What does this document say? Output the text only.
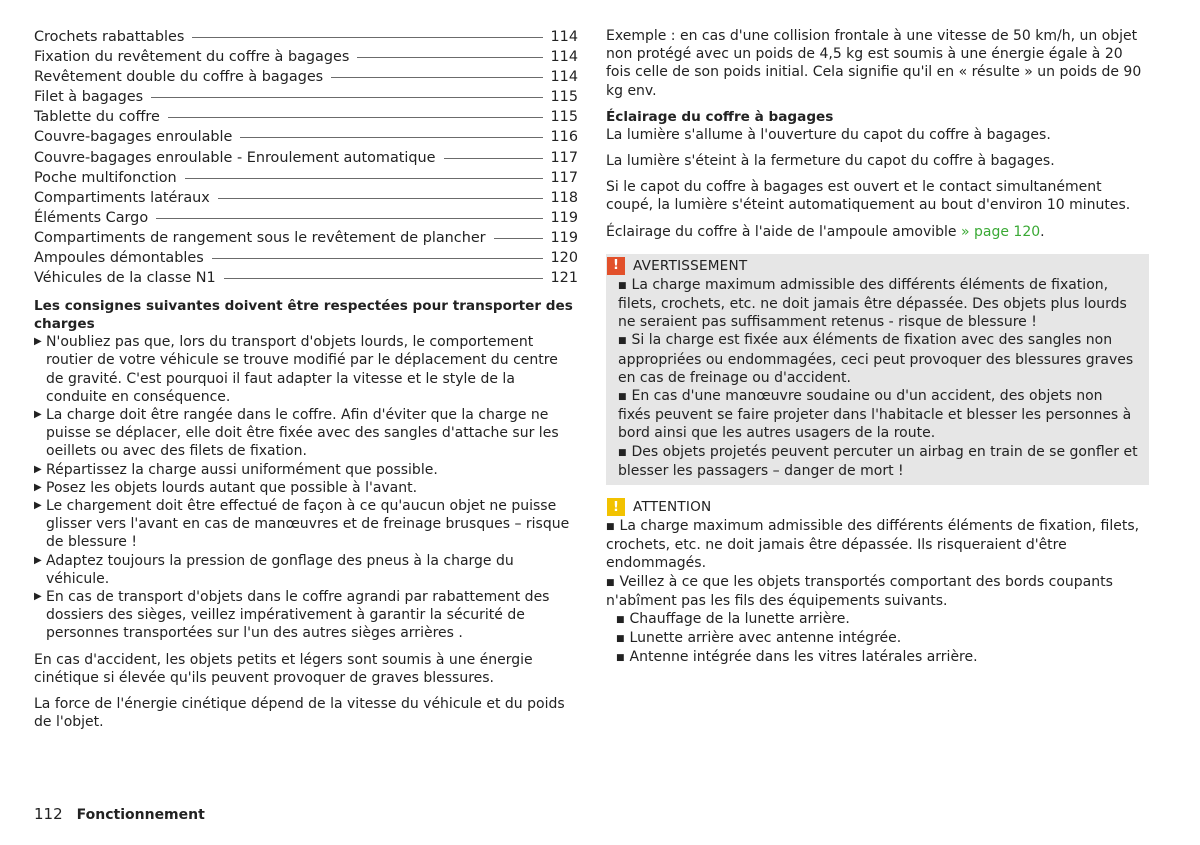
Crochets rabattables	114
Fixation du revêtement du coffre à bagages	114
Revêtement double du coffre à bagages	114
Filet à bagages	115
Tablette du coffre	115
Couvre-bagages enroulable	116
Couvre-bagages enroulable - Enroulement automatique	117
Poche multifonction	117
Compartiments latéraux	118
Éléments Cargo	119
Compartiments de rangement sous le revêtement de plancher	119
Ampoules démontables	120
Véhicules de la classe N1	121
Les consignes suivantes doivent être respectées pour transporter des charges
▶ N'oubliez pas que, lors du transport d'objets lourds, le comportement routier de votre véhicule se trouve modifié par le déplacement du centre de gravité. C'est pourquoi il faut adapter la vitesse et le style de la conduite en conséquence.
▶ La charge doit être rangée dans le coffre. Afin d'éviter que la charge ne puisse se déplacer, elle doit être fixée avec des sangles d'attache sur les oeillets ou avec des filets de fixation.
▶ Répartissez la charge aussi uniformément que possible.
▶ Posez les objets lourds autant que possible à l'avant.
▶ Le chargement doit être effectué de façon à ce qu'aucun objet ne puisse glisser vers l'avant en cas de manœuvres et de freinage brusques – risque de blessure !
▶ Adaptez toujours la pression de gonflage des pneus à la charge du véhicule.
▶ En cas de transport d'objets dans le coffre agrandi par rabattement des dossiers des sièges, veillez impérativement à garantir la sécurité de personnes transportées sur l'un des autres sièges arrières .

En cas d'accident, les objets petits et légers sont soumis à une énergie cinétique si élevée qu'ils peuvent provoquer de graves blessures.

La force de l'énergie cinétique dépend de la vitesse du véhicule et du poids de l'objet.

Exemple : en cas d'une collision frontale à une vitesse de 50 km/h, un objet non protégé avec un poids de 4,5 kg est soumis à une énergie égale à 20 fois celle de son poids initial. Cela signifie qu'il en « résulte » un poids de 90 kg env.

Éclairage du coffre à bagages

La lumière s'allume à l'ouverture du capot du coffre à bagages.

La lumière s'éteint à la fermeture du capot du coffre à bagages.

Si le capot du coffre à bagages est ouvert et le contact simultanément coupé, la lumière s'éteint automatiquement au bout d'environ 10 minutes.

Éclairage du coffre à l'aide de l'ampoule amovible » page 120.

!	AVERTISSEMENT
■ La charge maximum admissible des différents éléments de fixation, filets, crochets, etc. ne doit jamais être dépassée. Des objets plus lourds ne seraient pas suffisamment retenus - risque de blessure !
■ Si la charge est fixée aux éléments de fixation avec des sangles non appropriées ou endommagées, ceci peut provoquer des blessures graves en cas de freinage ou d'accident.
■ En cas d'une manœuvre soudaine ou d'un accident, des objets non fixés peuvent se faire projeter dans l'habitacle et blesser les personnes à bord ainsi que les autres usagers de la route.
■ Des objets projetés peuvent percuter un airbag en train de se gonfler et blesser les passagers – danger de mort !
!	ATTENTION
■ La charge maximum admissible des différents éléments de fixation, filets, crochets, etc. ne doit jamais être dépassée. Ils risqueraient d'être endommagés.
■ Veillez à ce que les objets transportés comportant des bords coupants n'abîment pas les fils des équipements suivants.
■ Chauffage de la lunette arrière.
■ Lunette arrière avec antenne intégrée.
■ Antenne intégrée dans les vitres latérales arrière.
112 Fonctionnement
